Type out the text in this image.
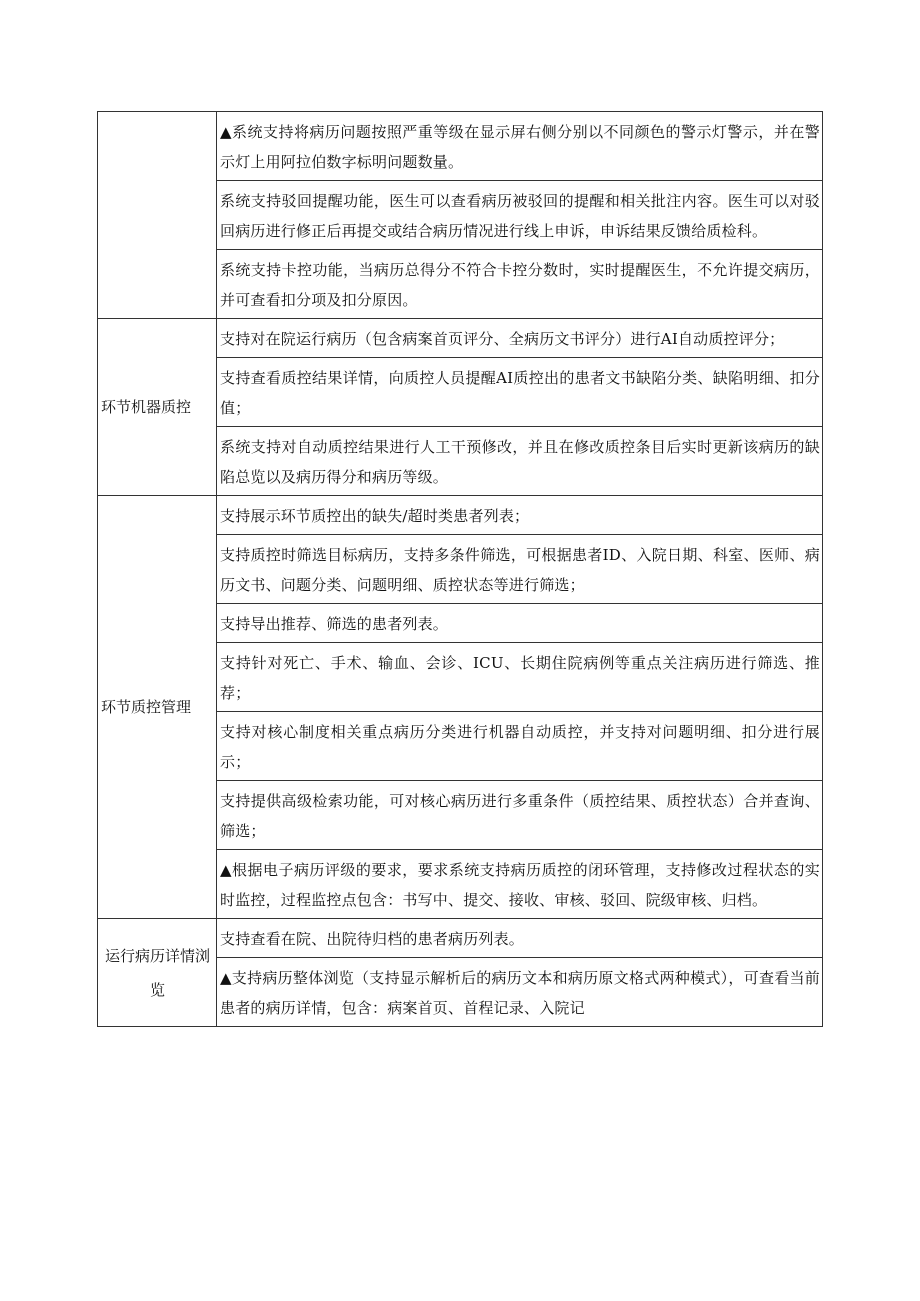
	▲系统支持将病历问题按照严重等级在显示屏右侧分别以不同颜色的警示灯警示，并在警示灯上用阿拉伯数字标明问题数量。

	系统支持驳回提醒功能，医生可以查看病历被驳回的提醒和相关批注内容。医生可以对驳回病历进行修正后再提交或结合病历情况进行线上申诉，申诉结果反馈给质检科。

	系统支持卡控功能，当病历总得分不符合卡控分数时，实时提醒医生，不允许提交病历，并可查看扣分项及扣分原因。

环节机器质控	支持对在院运行病历（包含病案首页评分、全病历文书评分）进行AI自动质控评分；

	支持查看质控结果详情，向质控人员提醒AI质控出的患者文书缺陷分类、缺陷明细、扣分值；

	系统支持对自动质控结果进行人工干预修改，并且在修改质控条目后实时更新该病历的缺陷总览以及病历得分和病历等级。

环节质控管理	支持展示环节质控出的缺失/超时类患者列表；

	支持质控时筛选目标病历，支持多条件筛选，可根据患者ID、入院日期、科室、医师、病历文书、问题分类、问题明细、质控状态等进行筛选；

	支持导出推荐、筛选的患者列表。

	支持针对死亡、手术、输血、会诊、ICU、长期住院病例等重点关注病历进行筛选、推荐；

	支持对核心制度相关重点病历分类进行机器自动质控，并支持对问题明细、扣分进行展示；

	支持提供高级检索功能，可对核心病历进行多重条件（质控结果、质控状态）合并查询、筛选；

	▲根据电子病历评级的要求，要求系统支持病历质控的闭环管理，支持修改过程状态的实时监控，过程监控点包含：书写中、提交、接收、审核、驳回、院级审核、归档。

运行病历详情浏览	支持查看在院、出院待归档的患者病历列表。

	▲支持病历整体浏览（支持显示解析后的病历文本和病历原文格式两种模式），可查看当前患者的病历详情，包含：病案首页、首程记录、入院记
